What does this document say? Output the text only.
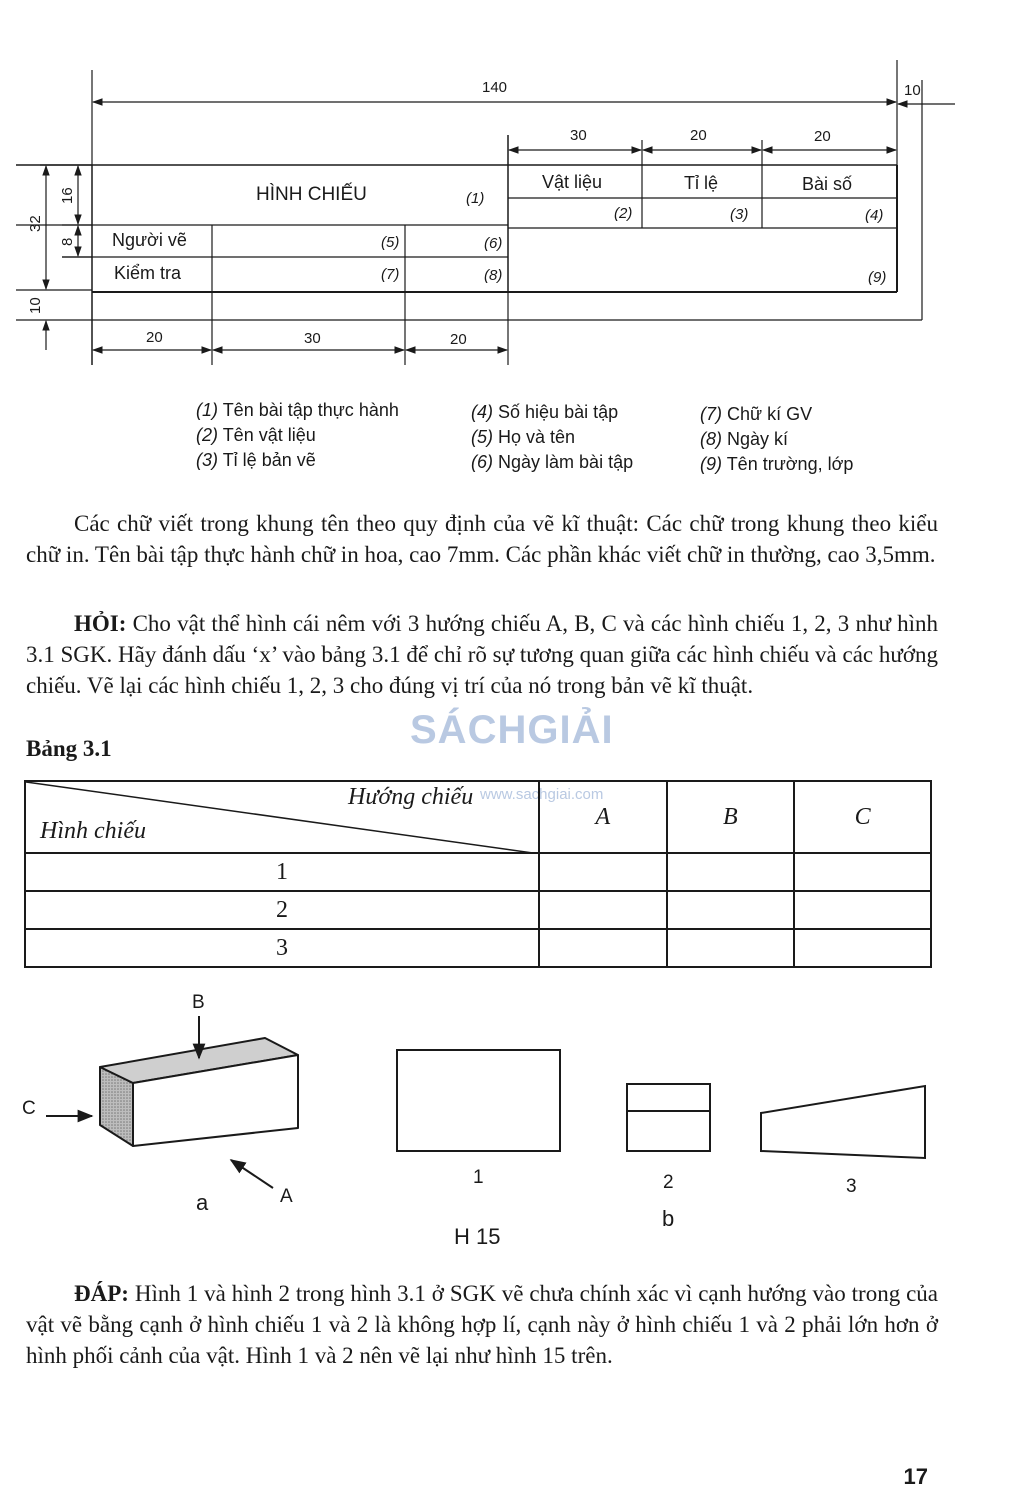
140	10
30	20	20
32
16
8
10
20	30	20
HÌNH CHIẾU	(1)
Vật liệu	Tỉ lệ	Bài số
(2)	(3)	(4)
Người vẽ	(5)	(6)
Kiểm tra	(7)	(8)	(9)
(1) Tên bài tập thực hành
(2) Tên vật liệu
(3) Tỉ lệ bản vẽ
(4) Số hiệu bài tập
(5) Họ và tên
(6) Ngày làm bài tập
(7) Chữ kí GV
(8) Ngày kí
(9) Tên trường, lớp
Các chữ viết trong khung tên theo quy định của vẽ kĩ thuật: Các chữ trong khung theo kiểu chữ in. Tên bài tập thực hành chữ in hoa, cao 7mm. Các phần khác viết chữ in thường, cao 3,5mm.
HỎI: Cho vật thể hình cái nêm với 3 hướng chiếu A, B, C và các hình chiếu 1, 2, 3 như hình 3.1 SGK. Hãy đánh dấu ‘x’ vào bảng 3.1 để chỉ rõ sự tương quan giữa các hình chiếu và các hướng chiếu. Vẽ lại các hình chiếu 1, 2, 3 cho đúng vị trí của nó trong bản vẽ kĩ thuật.
SÁCHGIẢI
www.sachgiai.com
Bảng 3.1
Hướng chiếu
Hình chiếu	A	B	C
1			
2			
3			
B
C
A
a
1	2
b
3
H 15
ĐÁP: Hình 1 và hình 2 trong hình 3.1 ở SGK vẽ chưa chính xác vì cạnh hướng vào trong của vật vẽ bằng cạnh ở hình chiếu 1 và 2 là không hợp lí, cạnh này ở hình chiếu 1 và 2 phải lớn hơn ở hình phối cảnh của vật. Hình 1 và 2 nên vẽ lại như hình 15 trên.
17
